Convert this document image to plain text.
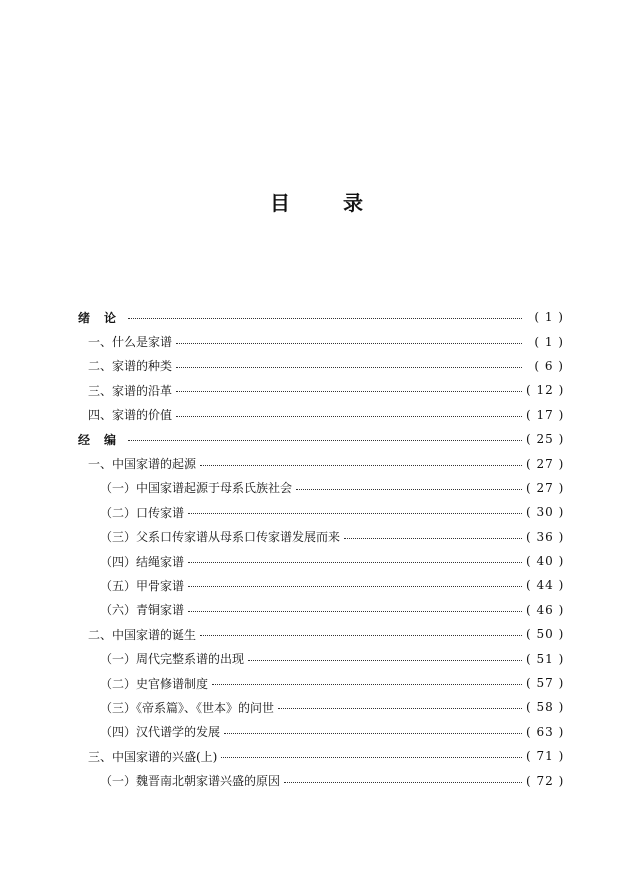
目	录
绪论	( 1 )
一、什么是家谱	( 1 )
二、家谱的种类	( 6 )
三、家谱的沿革	( 12 )
四、家谱的价值	( 17 )
经编	( 25 )
一、中国家谱的起源	( 27 )
（一）中国家谱起源于母系氏族社会	( 27 )
（二）口传家谱	( 30 )
（三）父系口传家谱从母系口传家谱发展而来	( 36 )
（四）结绳家谱	( 40 )
（五）甲骨家谱	( 44 )
（六）青铜家谱	( 46 )
二、中国家谱的诞生	( 50 )
（一）周代完整系谱的出现	( 51 )
（二）史官修谱制度	( 57 )
（三）《帝系篇》、《世本》的问世	( 58 )
（四）汉代谱学的发展	( 63 )
三、中国家谱的兴盛(上)	( 71 )
（一）魏晋南北朝家谱兴盛的原因	( 72 )
